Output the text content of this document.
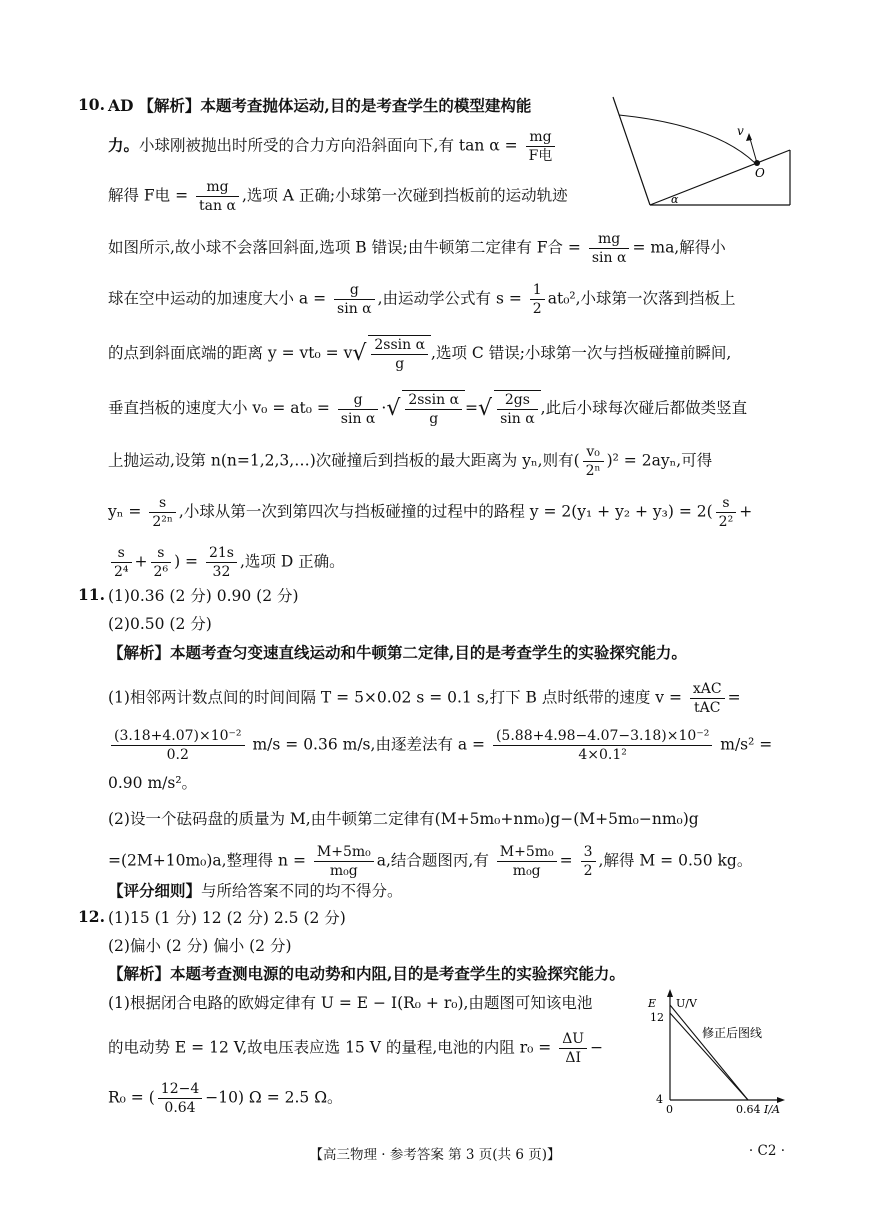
10. AD 【解析】本题考查抛体运动,目的是考查学生的模型建构能
力。小球刚被抛出时所受的合力方向沿斜面向下,有 $\tan \alpha = \frac{mg}{\text{F电}}$
解得 F电 = $\frac{mg}{\text{tan α}}$ ,选项 A 正确;小球第一次碰到挡板前的运动轨迹
如图所示,故小球不会落回斜面,选项 B 错误;由牛顿第二定律有 F合 = $\frac{mg}{\text{sin α}}$ = ma,解得小
球在空中运动的加速度大小 $a = \frac{g}{\text{sin α}}$ ,由运动学公式有 $s = \frac{1}{2} at_0^2$,小球第一次落到挡板上
的点到斜面底端的距离 $y = vt_0 = v√ \frac{\text{2ssin α}}{g}$ ,选项 C 错误;小球第一次与挡板碰撞前瞬间,
垂直挡板的速度大小 $v_0 = at_0 = \frac{g}{\text{sin α}}$ ·√ $\frac{\text{2ssin α}}{g}$ =√ $\frac{2gs}{\text{sin α}}$ ,此后小球每次碰后都做类竖直
上抛运动,设第 n(n=1,2,3,…)次碰撞后到挡板的最大距离为 yₙ,则有( $\frac{\text{v₀}}{\text{2ⁿ}} )^2 = 2ay_n$,可得
$y_n = \frac{s}{\text{2²ⁿ}}$ ,小球从第一次到第四次与挡板碰撞的过程中的路程 $y = 2(y_1 + y_2 + y_3) = 2( \frac{s}{\text{2²}}$ +
$\frac{s}{\text{2⁴}} + \frac{s}{\text{2⁶}}$ ) = $\frac{21s}{32}$ ,选项 D 正确。
v
O
α
11. (1)0.36 (2 分) 0.90 (2 分)
(2)0.50 (2 分)
【解析】本题考查匀变速直线运动和牛顿第二定律,目的是考查学生的实验探究能力。
(1)相邻两计数点间的时间间隔 T = 5×0.02 s = 0.1 s,打下 B 点时纸带的速度 $v = \frac{\text{xAC}}{\text{tAC}}$ =
$\frac{\text{(3.18+4.07)×10⁻²}}{0.2} m/s = 0.36$ m/s,由逐差法有 $a = \frac{\text{(5.88+4.98−4.07−3.18)×10⁻²}}{\text{4×0.1²}} m/s^2$ =
0.90 m/s²。
(2)设一个砝码盘的质量为 M,由牛顿第二定律有(M+5m₀+nm₀)g−(M+5m₀−nm₀)g
=(2M+10m₀)a,整理得 $n = \frac{\text{M+5m₀}}{\text{m₀g}} a$,结合题图丙,有 $\frac{\text{M+5m₀}}{\text{m₀g}} = \frac{3}{2}$ ,解得 M = 0.50 kg。
【评分细则】与所给答案不同的均不得分。
12. (1)15 (1 分) 12 (2 分) 2.5 (2 分)
(2)偏小 (2 分) 偏小 (2 分)
【解析】本题考查测电源的电动势和内阻,目的是考查学生的实验探究能力。
(1)根据闭合电路的欧姆定律有 U = E − I(R₀ + r₀),由题图可知该电池
的电动势 E = 12 V,故电压表应选 15 V 的量程,电池的内阻 $r_0 = \frac{\Delta U}{\Delta I}$ −
R₀ = ( $\frac{12-4}{0.64} -10$) Ω = 2.5 Ω。
E U/V
12
4
0	0.64 I/A
修正后图线
【高三物理 · 参考答案 第 3 页(共 6 页)】	· C2 ·
